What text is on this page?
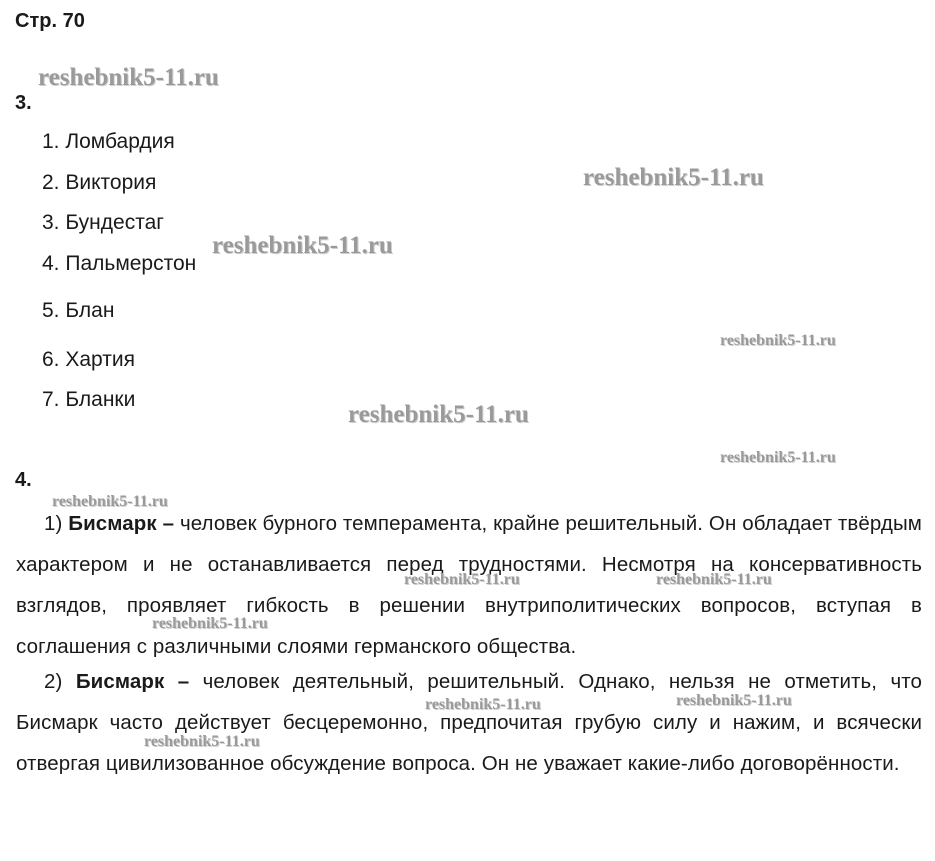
Стр. 70
3.
1. Ломбардия
2. Виктория
3. Бундестаг
4. Пальмерстон
5. Блан
6. Хартия
7. Бланки
4.

1) Бисмарк – человек бурного темперамента, крайне решительный. Он обладает твёрдым характером и не останавливается перед трудностями. Несмотря на консервативность взглядов, проявляет гибкость в решении внутриполитических вопросов, вступая в соглашения с различными слоями германского общества.

2) Бисмарк – человек деятельный, решительный. Однако, нельзя не отметить, что Бисмарк часто действует бесцеремонно, предпочитая грубую силу и нажим, и всячески отвергая цивилизованное обсуждение вопроса. Он не уважает какие-либо договорённости.

reshebnik5-11.ru
reshebnik5-11.ru
reshebnik5-11.ru
reshebnik5-11.ru
reshebnik5-11.ru
reshebnik5-11.ru
reshebnik5-11.ru
reshebnik5-11.ru	reshebnik5-11.ru
reshebnik5-11.ru
reshebnik5-11.ru
reshebnik5-11.ru
reshebnik5-11.ru
